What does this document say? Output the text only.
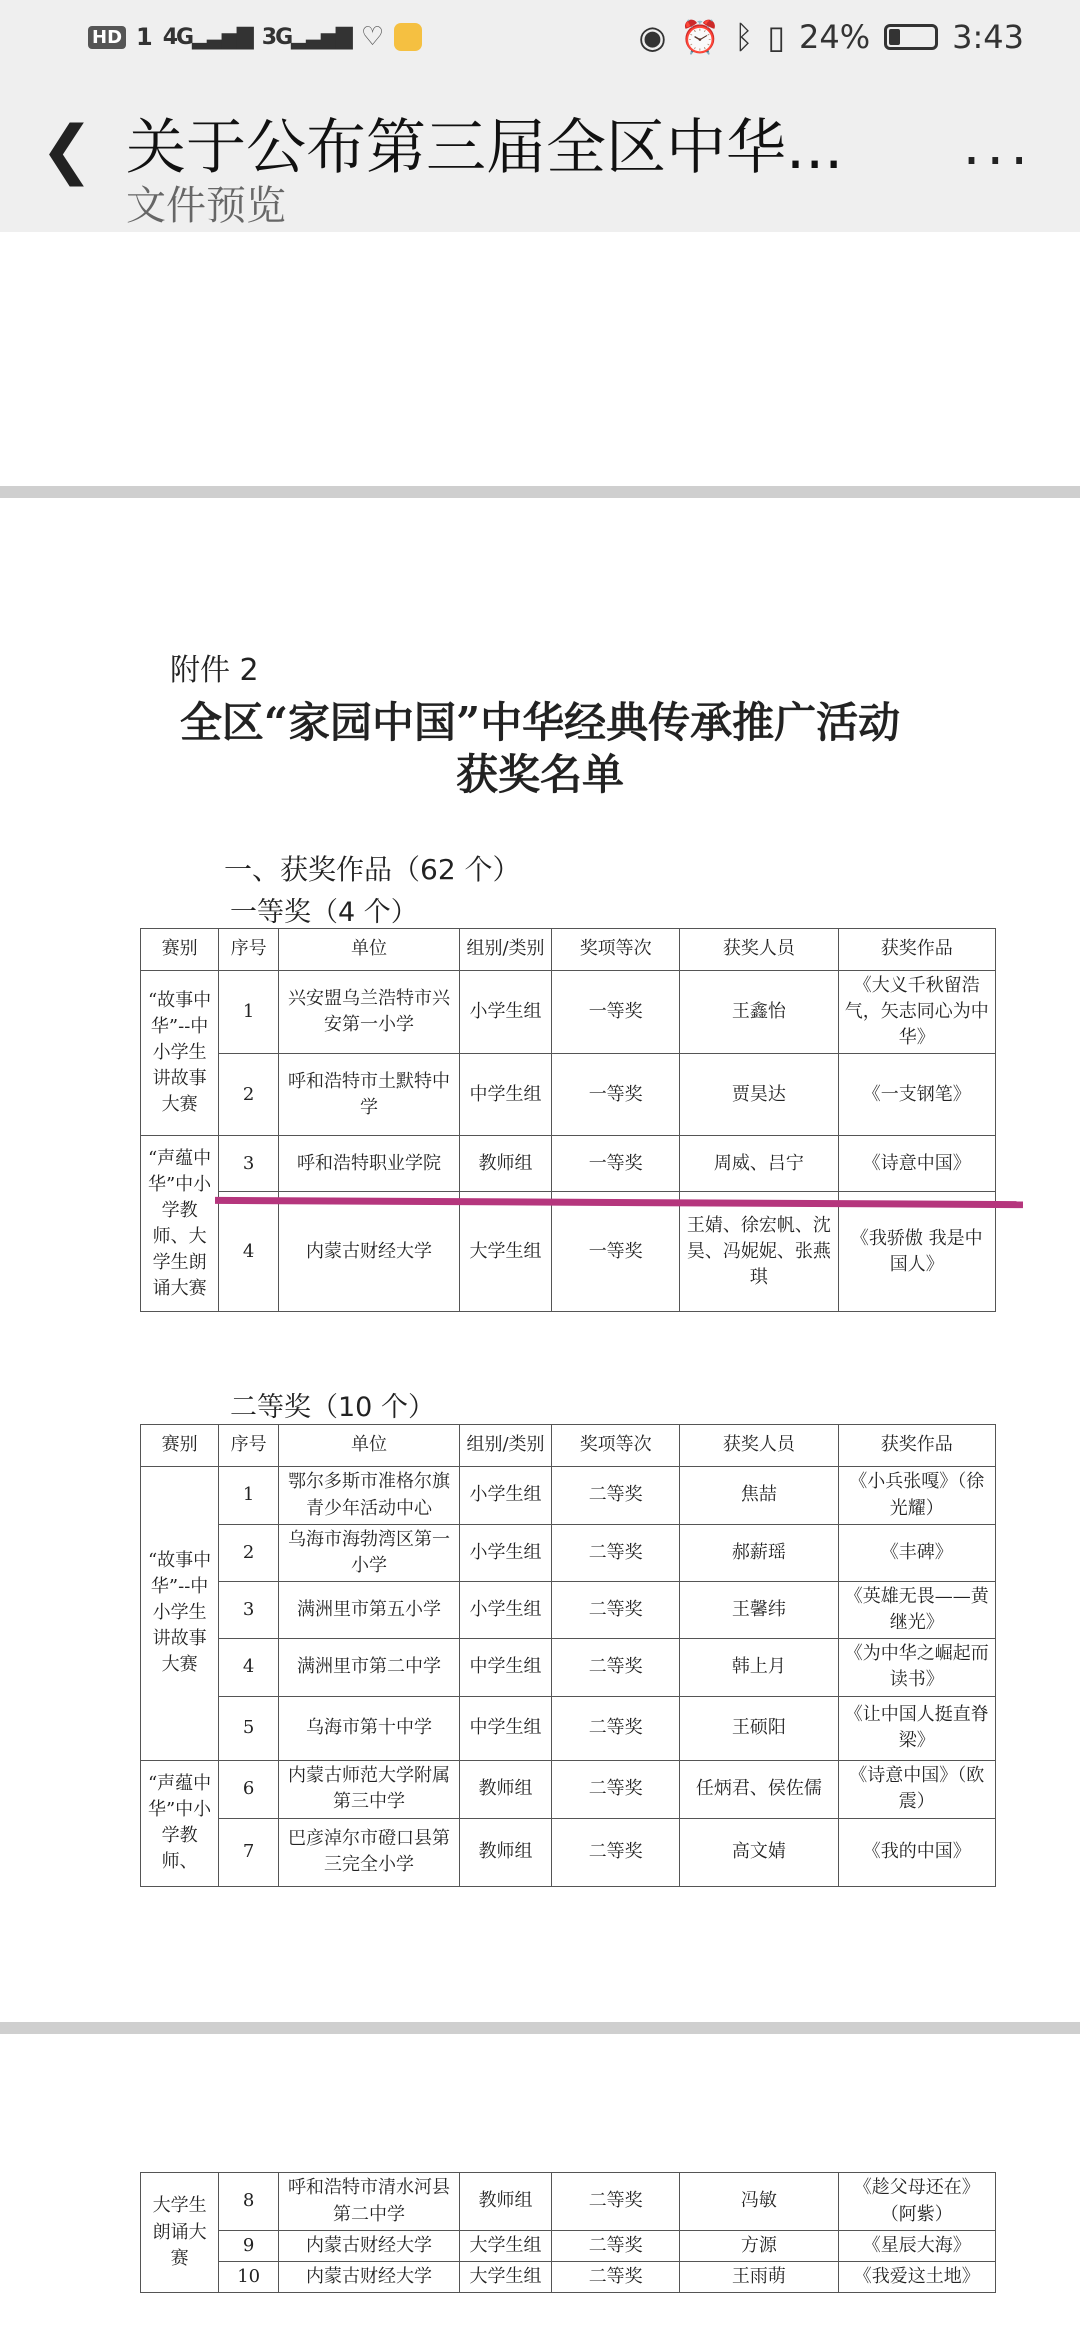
HD 1 4G▂▃▅▇ 3G▂▃▅▇ ♡	◉ ⏰ ᛒ ▯ 24%	3:43
❮ 关于公布第三届全区中华...
文件预览
...
附件 2
全区“家园中国”中华经典传承推广活动
获奖名单
一、获奖作品（62 个）
一等奖（4 个）
赛别	序号	单位	组别/类别	奖项等次	获奖人员	获奖作品
“故事中华”--中小学生讲故事大赛	1	兴安盟乌兰浩特市兴安第一小学	小学生组	一等奖	王鑫怡	《大义千秋留浩气，矢志同心为中华》
	2	呼和浩特市土默特中学	中学生组	一等奖	贾昊达	《一支钢笔》
“声蕴中华”中小学教师、大学生朗诵大赛	3	呼和浩特职业学院	教师组	一等奖	周威、吕宁	《诗意中国》
	4	内蒙古财经大学	大学生组	一等奖	王婧、徐宏帆、沈昊、冯妮妮、张燕琪	《我骄傲 我是中国人》
二等奖（10 个）
赛别	序号	单位	组别/类别	奖项等次	获奖人员	获奖作品
“故事中华”--中小学生讲故事大赛	1	鄂尔多斯市准格尔旗青少年活动中心	小学生组	二等奖	焦喆	《小兵张嘎》（徐光耀）
	2	乌海市海勃湾区第一小学	小学生组	二等奖	郝薪瑶	《丰碑》
	3	满洲里市第五小学	小学生组	二等奖	王馨纬	《英雄无畏——黄继光》
	4	满洲里市第二中学	中学生组	二等奖	韩上月	《为中华之崛起而读书》
	5	乌海市第十中学	中学生组	二等奖	王硕阳	《让中国人挺直脊梁》
“声蕴中华”中小学教师、	6	内蒙古师范大学附属第三中学	教师组	二等奖	任炳君、侯佐儒	《诗意中国》（欧震）
	7	巴彦淖尔市磴口县第三完全小学	教师组	二等奖	高文婧	《我的中国》
大学生朗诵大赛	8	呼和浩特市清水河县第二中学	教师组	二等奖	冯敏	《趁父母还在》（阿紫）
	9	内蒙古财经大学	大学生组	二等奖	方源	《星辰大海》
	10	内蒙古财经大学	大学生组	二等奖	王雨萌	《我爱这土地》
